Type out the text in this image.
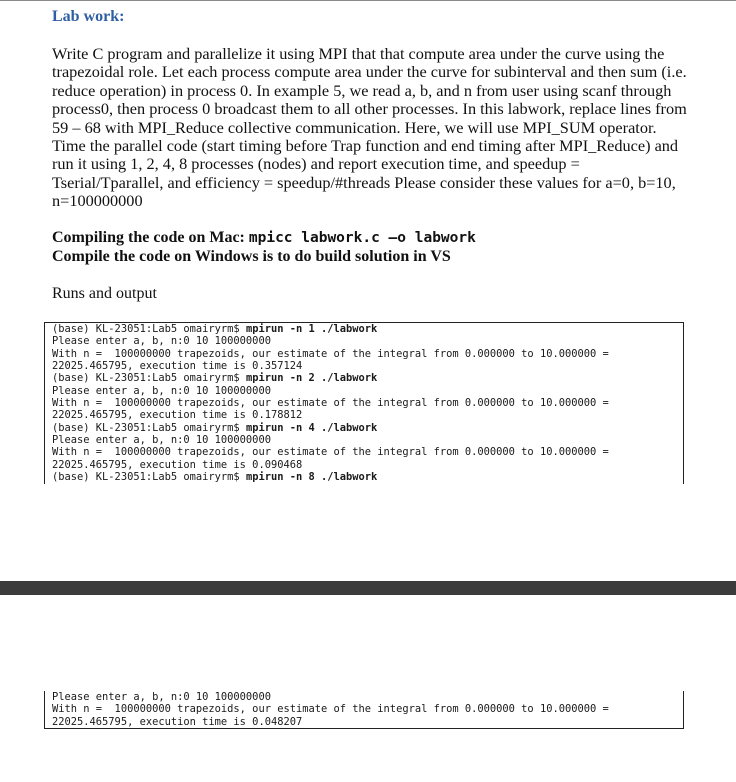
Lab work:
Write C program and parallelize it using MPI that that compute area under the curve using the
trapezoidal role. Let each process compute area under the curve for subinterval and then sum (i.e.
reduce operation) in process 0. In example 5, we read a, b, and n from user using scanf through
process0, then process 0 broadcast them to all other processes. In this labwork, replace lines from
59 – 68 with MPI_Reduce collective communication. Here, we will use MPI_SUM operator.
Time the parallel code (start timing before Trap function and end timing after MPI_Reduce) and
run it using 1, 2, 4, 8 processes (nodes) and report execution time, and speedup =
Tserial/Tparallel, and efficiency = speedup/#threads Please consider these values for a=0, b=10,
n=100000000
Compiling the code on Mac: mpicc labwork.c –o labwork
Compile the code on Windows is to do build solution in VS
Runs and output
(base) KL-23051:Lab5 omairyrm$ mpirun -n 1 ./labwork
Please enter a, b, n:0 10 100000000
With n =  100000000 trapezoids, our estimate of the integral from 0.000000 to 10.000000 =
22025.465795, execution time is 0.357124
(base) KL-23051:Lab5 omairyrm$ mpirun -n 2 ./labwork
Please enter a, b, n:0 10 100000000
With n =  100000000 trapezoids, our estimate of the integral from 0.000000 to 10.000000 =
22025.465795, execution time is 0.178812
(base) KL-23051:Lab5 omairyrm$ mpirun -n 4 ./labwork
Please enter a, b, n:0 10 100000000
With n =  100000000 trapezoids, our estimate of the integral from 0.000000 to 10.000000 =
22025.465795, execution time is 0.090468
(base) KL-23051:Lab5 omairyrm$ mpirun -n 8 ./labwork
Please enter a, b, n:0 10 100000000
With n =  100000000 trapezoids, our estimate of the integral from 0.000000 to 10.000000 =
22025.465795, execution time is 0.048207
